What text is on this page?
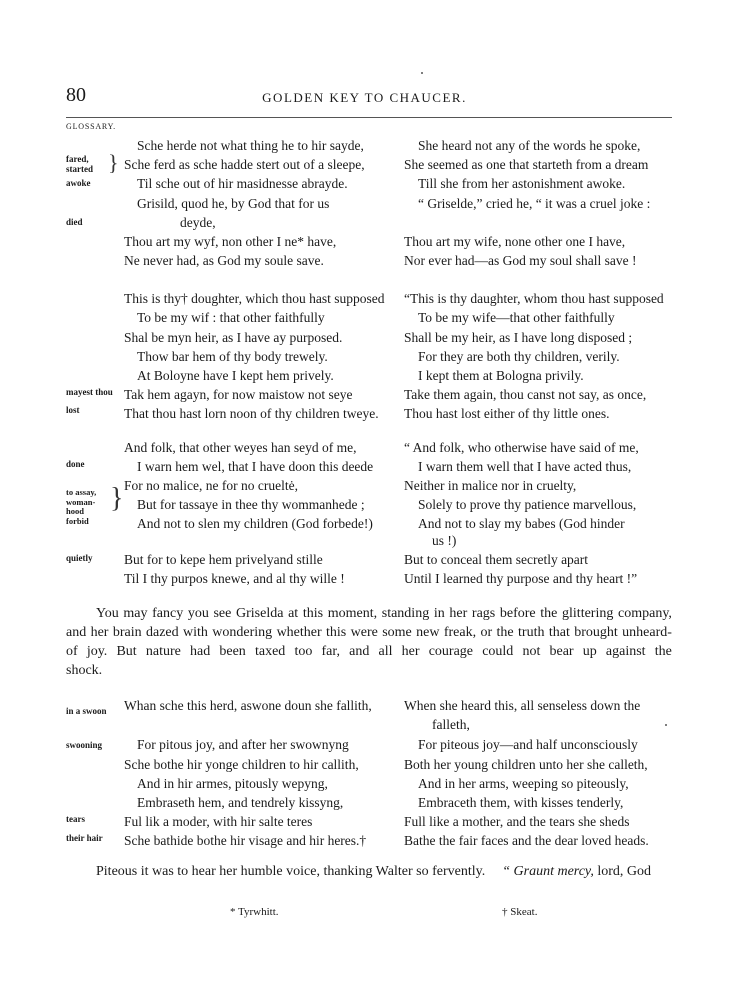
80	GOLDEN KEY TO CHAUCER.
GLOSSARY.
fared,
started }
awoke
died
mayest thou
lost
done
to assay,
woman-
hood
forbid
}
quietly
in a swoon
swooning
tears
their hair
Sche herde not what thing he to hir sayde,
Sche ferd as sche hadde stert out of a sleepe,
Til sche out of hir masidnesse abrayde.
Grisild, quod he, by God that for us
deyde,
Thou art my wyf, non other I ne* have,
Ne never had, as God my soule save.
She heard not any of the words he spoke,
She seemed as one that starteth from a dream
Till she from her astonishment awoke.
“ Griselde,” cried he, “ it was a cruel joke :
Thou art my wife, none other one I have,
Nor ever had—as God my soul shall save !
This is thy† doughter, which thou hast supposed
To be my wif : that other faithfully
Shal be myn heir, as I have ay purposed.
Thow bar hem of thy body trewely.
At Boloyne have I kept hem prively.
Tak hem agayn, for now maistow not seye
That thou hast lorn noon of thy children tweye.
“This is thy daughter, whom thou hast supposed
To be my wife—that other faithfully
Shall be my heir, as I have long disposed ;
For they are both thy children, verily.
I kept them at Bologna privily.
Take them again, thou canst not say, as once,
Thou hast lost either of thy little ones.
And folk, that other weyes han seyd of me,
I warn hem wel, that I have doon this deede
For no malice, ne for no crueltė,
But for tassaye in thee thy wommanhede ;
And not to slen my children (God forbede!)
But for to kepe hem privelyand stille
Til I thy purpos knewe, and al thy wille !
“ And folk, who otherwise have said of me,
I warn them well that I have acted thus,
Neither in malice nor in cruelty,
Solely to prove thy patience marvellous,
And not to slay my babes (God hinder
us !)
But to conceal them secretly apart
Until I learned thy purpose and thy heart !”
You may fancy you see Griselda at this moment, standing in her rags before the glittering company,
and her brain dazed with wondering whether this were some new freak, or the truth that brought unheard-
of joy. But nature had been taxed too far, and all her courage could not bear up against the
shock.
Whan sche this herd, aswone doun she fallith,
For pitous joy, and after her swownyng
Sche bothe hir yonge children to hir callith,
And in hir armes, pitously wepyng,
Embraseth hem, and tendrely kissyng,
Ful lik a moder, with hir salte teres
Sche bathide bothe hir visage and hir heres.†
When she heard this, all senseless down the
falleth,
For piteous joy—and half unconsciously
Both her young children unto her she calleth,
And in her arms, weeping so piteously,
Embraceth them, with kisses tenderly,
Full like a mother, and the tears she sheds
Bathe the fair faces and the dear loved heads.
Piteous it was to hear her humble voice, thanking Walter so fervently. “ Graunt mercy, lord, God
* Tyrwhitt.	† Skeat.
